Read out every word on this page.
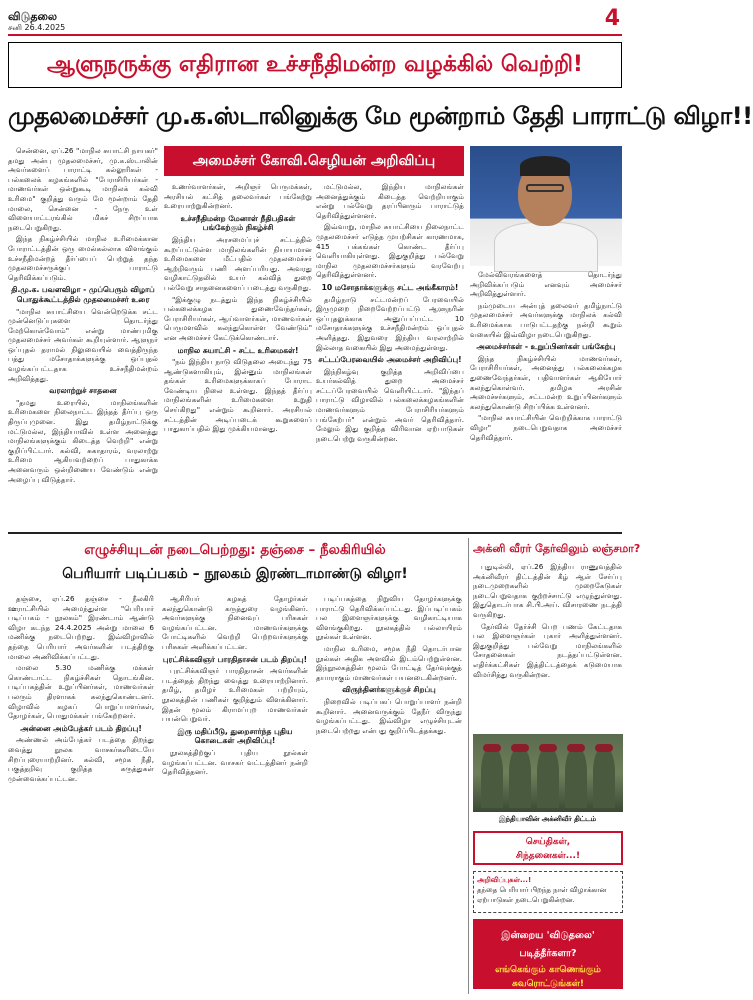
விடுதலை
சனி 26.4.2025	4
ஆளுநருக்கு எதிரான உச்சநீதிமன்ற வழக்கில் வெற்றி!
முதலமைச்சர் மு.க.ஸ்டாலினுக்கு மே மூன்றாம் தேதி பாராட்டு விழா!!

சென்னை, ஏப்.26 "மாநில சுயாட்சி நாயகர்" தமது அன்பு முதலமைச்சர், மு.க.ஸ்டாலின் அவர்களைப் பாராட்டி கல்லூரிகள் - பல்கலைக் கழகங்களில் "பேராசிரியர்கள் - மாணவர்கள் ஒன்றுகூடி மாநிலக் கல்வி உரிமை" குறித்து வரும் மே மூன்றாம் தேதி மாலை, சென்னை - நேரு உள் விளையாட்டரங்கில் மிகச் சிறப்பாக நடைபெறுகிறது.

இந்த நிகழ்ச்சியில் மாநில உரிமைக்கான போராட்டத்தின் ஒரு மைல்கல்லாக விளங்கும் உச்சநீதிமன்றத் தீர்ப்பைப் பெற்றுத் தந்த முதலமைச்சருக்குப் பாராட்டு தெரிவிக்கப்படும்.

தி.மு.க. பவளவிழா - முப்பெரும் விழாப் பொதுக்கூட்டத்தில் முதலமைச்சர் உரை

"மாநில சுயாட்சியை வென்றெடுக்க சட்ட முன்னெடுப்புகளை தொடர்ந்து மேற்கொள்வோம்" என்று மாண்புமிகு முதலமைச்சர் அவர்கள் கூறியுள்ளார். ஆளுநர் ஒப்புதல் தராமல் நிலுவையில் வைத்திருந்த பத்து மசோதாக்களுக்கு ஒப்புதல் வழங்கப்பட்டதாக உச்சநீதிமன்றம் அறிவித்தது.

வரலாற்றுச் சாதனை

"தமது உரையில், மாநிலங்களின் உரிமைகளை நிலைநாட்ட இந்தத் தீர்ப்பு ஒரு திருப்புமுனை. இது தமிழ்நாட்டுக்கு மட்டுமல்ல, இந்தியாவில் உள்ள அனைத்து மாநிலங்களுக்கும் கிடைத்த வெற்றி" என்று குறிப்பிட்டார். கல்வி, சுகாதாரம், வரலாற்று உரிமை ஆகியவற்றைப் பாதுகாக்க அனைவரும் ஒன்றிணைய வேண்டும் என்று அழைப்பு விடுத்தார்.

அமைச்சர் கோவி.செழியன் அறிவிப்பு

உணர்வாளர்கள், அறிஞர் பெருமக்கள், அரசியல் கட்சித் தலைவர்கள் பங்கேற்று உரையாற்றுகின்றனர்.

உச்சநீதிமன்ற மேனாள் நீதிபதிகள் பங்கேற்கும் நிகழ்ச்சி

இந்திய அரசமைப்புச் சட்டத்தில் கூறப்பட்டுள்ள மாநிலங்களின் நியாயமான உரிமைகளை மீட்பதில் முதலமைச்சர் ஆற்றிவரும் பணி அளப்பரியது. அவரது வழிகாட்டுதலில் உயர் கல்வித் துறை பல்வேறு சாதனைகளைப் படைத்து வருகிறது.

"இக்குழு நடத்தும் இந்த நிகழ்ச்சியில் பல்கலைக்கழக துணைவேந்தர்கள், பேராசிரியர்கள், ஆய்வாளர்கள், மாணவர்கள் பெருமளவில் கலந்துகொள்ள வேண்டும்" என அமைச்சர் கேட்டுக்கொண்டார்.

மாநில சுயாட்சி - சட்ட உரிமைகள்!

"நம் இந்திய நாடு விடுதலை அடைந்து 75 ஆண்டுகளாகியும், இன்னும் மாநிலங்கள் தங்கள் உரிமைகளுக்காகப் போராட வேண்டிய நிலை உள்ளது. இந்தத் தீர்ப்பு மாநிலங்களின் உரிமைகளை உறுதி செய்கிறது" என்றும் கூறினார். அரசியல் சட்டத்தின் அடிப்படைக் கூறுகளைப் பாதுகாப்பதில் இது முக்கியமானது.

மட்டுமல்ல, இந்திய மாநிலங்கள் அனைத்துக்கும் கிடைத்த வெற்றியாகும் என்று பல்வேறு தரப்பினரும் பாராட்டுத் தெரிவித்துள்ளனர்.

இவ்வாறு, மாநில சுயாட்சியை நிலைநாட்ட முதலமைச்சர் எடுத்த முயற்சிகள் காரணமாக, 415 பக்கங்கள் கொண்ட தீர்ப்பு வெளியாகியுள்ளது. இதுகுறித்து பல்வேறு மாநில முதலமைச்சர்களும் வரவேற்பு தெரிவித்துள்ளனர்.

10 மசோதாக்களுக்கு சட்ட அங்கீகாரம்!

தமிழ்நாடு சட்டமன்றப் பேரவையில் இருமுறை நிறைவேற்றப்பட்டு ஆளுநரின் ஒப்புதலுக்காக அனுப்பப்பட்ட 10 மசோதாக்களுக்கு உச்சநீதிமன்றம் ஒப்புதல் அளித்தது. இதுவரை இந்திய வரலாற்றில் இல்லாத வகையில் இது அமைந்துள்ளது.

சட்டப்பேரவையில் அமைச்சர் அறிவிப்பு!

இந்நிகழ்வு குறித்த அறிவிப்பை உயர்கல்வித் துறை அமைச்சர் சட்டப்பேரவையில் வெளியிட்டார். "இந்தப் பாராட்டு விழாவில் பல்கலைக்கழகங்களின் மாணவர்களும் பேராசிரியர்களும் பங்கேற்பர்" என்றும் அவர் தெரிவித்தார். மேலும் இது குறித்த விரிவான ஏற்பாடுகள் நடைபெற்று வருகின்றன.

மேல்விவரங்களைத் தொடர்ந்து அறிவிக்கப்படும் எனவும் அமைச்சர் அறிவித்துள்ளார்.

நம்முடைய அன்புத் தலைவர் தமிழ்நாட்டு முதலமைச்சர் அவர்களுக்கு மாநிலக் கல்வி உரிமைக்காக பாடுபட்டதற்கு நன்றி கூறும் வகையில் இவ்விழா நடைபெறுகிறது.

அமைச்சர்கள் - உறுப்பினர்கள் பங்கேற்பு

இந்த நிகழ்ச்சியில் மாணவர்கள், பேராசிரியர்கள், அனைத்து பல்கலைக்கழக துணைவேந்தர்கள், பதிவாளர்கள் ஆகியோர் கலந்துகொள்வர். தமிழக அரசின் அமைச்சர்களும், சட்டமன்ற உறுப்பினர்களும் கலந்துகொண்டு சிறப்பிக்க உள்ளனர்.

"மாநில சுயாட்சியின் வெற்றிக்காக பாராட்டு விழா" நடைபெறுவதாக அமைச்சர் தெரிவித்தார்.

எழுச்சியுடன் நடைபெற்றது: தஞ்சை – நீலகிரியில்
பெரியார் படிப்பகம் – நூலகம் இரண்டாமாண்டு விழா!

தஞ்சை, ஏப்.26 தஞ்சை - நீலகிரி ஊராட்சியில் அமைந்துள்ள "பெரியார் படிப்பகம் - நூலகம்" இரண்டாம் ஆண்டு விழா கடந்த 24.4.2025 அன்று மாலை 6 மணிக்கு நடைபெற்றது. இவ்விழாவில் தந்தை பெரியார் அவர்களின் படத்திற்கு மாலை அணிவிக்கப்பட்டது.

மாலை 5.30 மணிக்கு மக்கள் கொண்டாட்ட நிகழ்ச்சிகள் தொடங்கின. படிப்பகத்தின் உறுப்பினர்கள், மாணவர்கள் பலரும் திரளாகக் கலந்துகொண்டனர். விழாவில் கழகப் பொறுப்பாளர்கள், தோழர்கள், பொதுமக்கள் பங்கேற்றனர்.

அன்னை அம்பேத்கர் படம் திறப்பு!

அண்ணல் அம்பேத்கர் படத்தை திறந்து வைத்து நூலக வாசகர்களிடையே சிறப்புரையாற்றினர். கல்வி, சமூக நீதி, பகுத்தறிவு குறித்த கருத்துகள் முன்வைக்கப்பட்டன.

ஆசிரியர் கழகத் தோழர்கள் கலந்துகொண்டு கருத்துரை வழங்கினர். அவர்களுக்கு நினைவுப் பரிசுகள் வழங்கப்பட்டன. மாணவர்களுக்கு போட்டிகளில் வெற்றி பெற்றவர்களுக்கு பரிசுகள் அளிக்கப்பட்டன.

புரட்சிக்கவிஞர் பாரதிதாசன் படம் திறப்பு!

புரட்சிக்கவிஞர் பாரதிதாசன் அவர்களின் படத்தைத் திறந்து வைத்து உரையாற்றினார். தமிழ், தமிழர் உரிமைகள் பற்றியும், நூலகத்தின் பணிகள் குறித்தும் விளக்கினார். இதன் மூலம் கிராமப்புற மாணவர்கள் பயன்பெறுவர்.

இரு மதிப்பீடு, துறைசார்ந்த புதிய கொடைகள் அறிவிப்பு!

நூலகத்திற்குப் புதிய நூல்கள் வழங்கப்பட்டன. வாசகர் வட்டத்தினர் நன்றி தெரிவித்தனர்.

படிப்பகத்தை நிறுவிய தோழர்களுக்கு பாராட்டு தெரிவிக்கப்பட்டது. இப்படிப்பகம் பல இளைஞர்களுக்கு வழிகாட்டியாக விளங்குகிறது. நூலகத்தில் பல்லாயிரம் நூல்கள் உள்ளன.

மாநில உரிமை, சமூக நீதி தொடர்பான நூல்கள் அதிக அளவில் இடம்பெற்றுள்ளன. இந்நூலகத்தின் மூலம் போட்டித் தேர்வுக்குத் தயாராகும் மாணவர்கள் பயனடைகின்றனர்.

விருந்தினர்களுக்குச் சிறப்பு

நிறைவில் படிப்பகப் பொறுப்பாளர் நன்றி கூறினார். அனைவருக்கும் தேநீர் விருந்து வழங்கப்பட்டது. இவ்விழா எழுச்சியுடன் நடைபெற்றது என்பது குறிப்பிடத்தக்கது.

அக்னி வீரர் தேர்விலும் லஞ்சமா?

புதுடில்லி, ஏப்.26 இந்திய ராணுவத்தில் அக்னிவீரர் திட்டத்தின் கீழ் ஆள் சேர்ப்பு நடைமுறைகளில் முறைகேடுகள் நடைபெறுவதாக குற்றச்சாட்டு எழுந்துள்ளது. இதுதொடர்பாக சி.பி.அய். விசாரணை நடத்தி வருகிறது.

தேர்வில் தேர்ச்சி பெற பணம் கேட்டதாக பல இளைஞர்கள் புகார் அளித்துள்ளனர். இதுகுறித்து பல்வேறு மாநிலங்களில் சோதனைகள் நடத்தப்பட்டுள்ளன. எதிர்க்கட்சிகள் இத்திட்டத்தைக் கடுமையாக விமர்சித்து வருகின்றன.

இந்தியாவின் அக்னிவீர் திட்டம்
செய்திகள்,
சிந்தனைகள்...!
அறிவிப்புகள்...!
தந்தை பெரியார் பிறந்த நாள் விழாக்கான ஏற்பாடுகள் நடைபெறுகின்றன.
இன்றைய 'விடுதலை' படித்தீர்களா?
எங்கெங்கும் காணெங்கும் சுவரொட்டுங்கள்!
